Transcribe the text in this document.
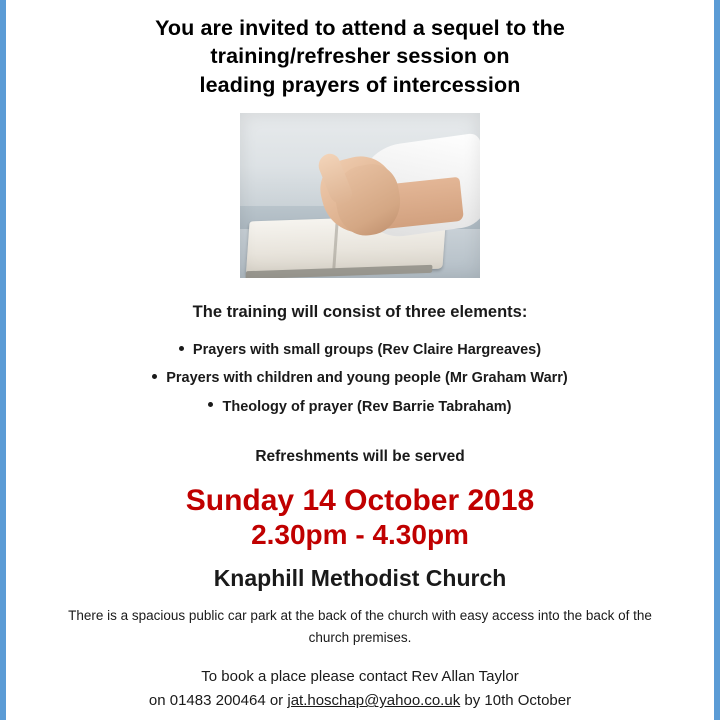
You are invited to attend a sequel to the
training/refresher session on
leading prayers of intercession
The training will consist of three elements:
Prayers with small groups (Rev Claire Hargreaves)
Prayers with children and young people (Mr Graham Warr)
Theology of prayer (Rev Barrie Tabraham)
Refreshments will be served
Sunday 14 October 2018
2.30pm - 4.30pm
Knaphill Methodist Church
There is a spacious public car park at the back of the church with easy access into the back of the church premises.
To book a place please contact Rev Allan Taylor
on 01483 200464 or jat.hoschap@yahoo.co.uk by 10th October
